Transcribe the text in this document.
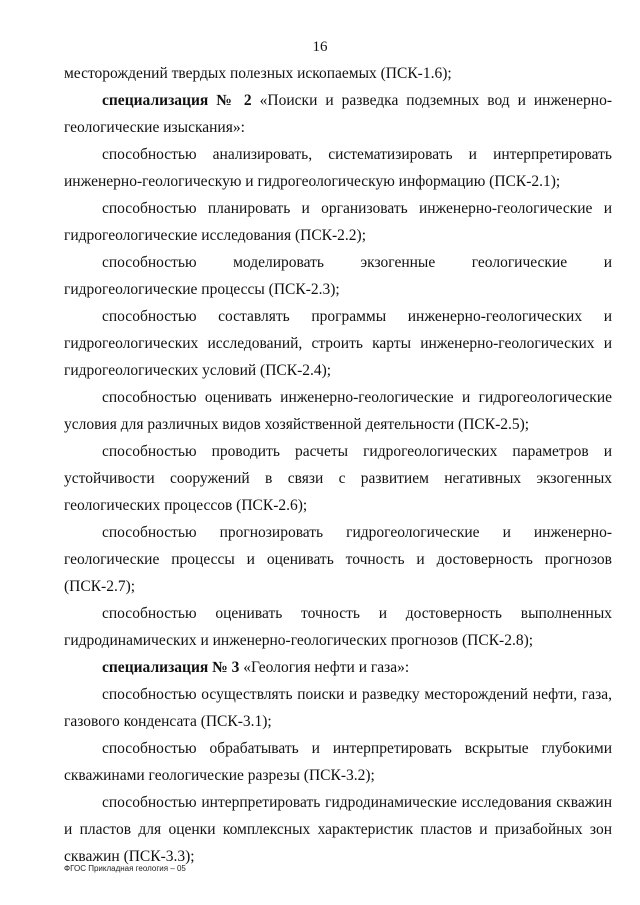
16

месторождений твердых полезных ископаемых (ПСК-1.6);

специализация № 2 «Поиски и разведка подземных вод и инженерно-геологические изыскания»:

способностью анализировать, систематизировать и интерпретировать инженерно-геологическую и гидрогеологическую информацию (ПСК-2.1);

способностью планировать и организовать инженерно-геологические и гидрогеологические исследования (ПСК-2.2);

способностью моделировать экзогенные геологические и гидрогеологические процессы (ПСК-2.3);

способностью составлять программы инженерно-геологических и гидрогеологических исследований, строить карты инженерно-геологических и гидрогеологических условий (ПСК-2.4);

способностью оценивать инженерно-геологические и гидрогеологические условия для различных видов хозяйственной деятельности (ПСК-2.5);

способностью проводить расчеты гидрогеологических параметров и устойчивости сооружений в связи с развитием негативных экзогенных геологических процессов (ПСК-2.6);

способностью прогнозировать гидрогеологические и инженерно-геологические процессы и оценивать точность и достоверность прогнозов (ПСК-2.7);

способностью оценивать точность и достоверность выполненных гидродинамических и инженерно-геологических прогнозов (ПСК-2.8);

специализация № 3 «Геология нефти и газа»:

способностью осуществлять поиски и разведку месторождений нефти, газа, газового конденсата (ПСК-3.1);

способностью обрабатывать и интерпретировать вскрытые глубокими скважинами геологические разрезы (ПСК-3.2);

способностью интерпретировать гидродинамические исследования скважин и пластов для оценки комплексных характеристик пластов и призабойных зон скважин (ПСК-3.3);

ФГОС Прикладная геология – 05
